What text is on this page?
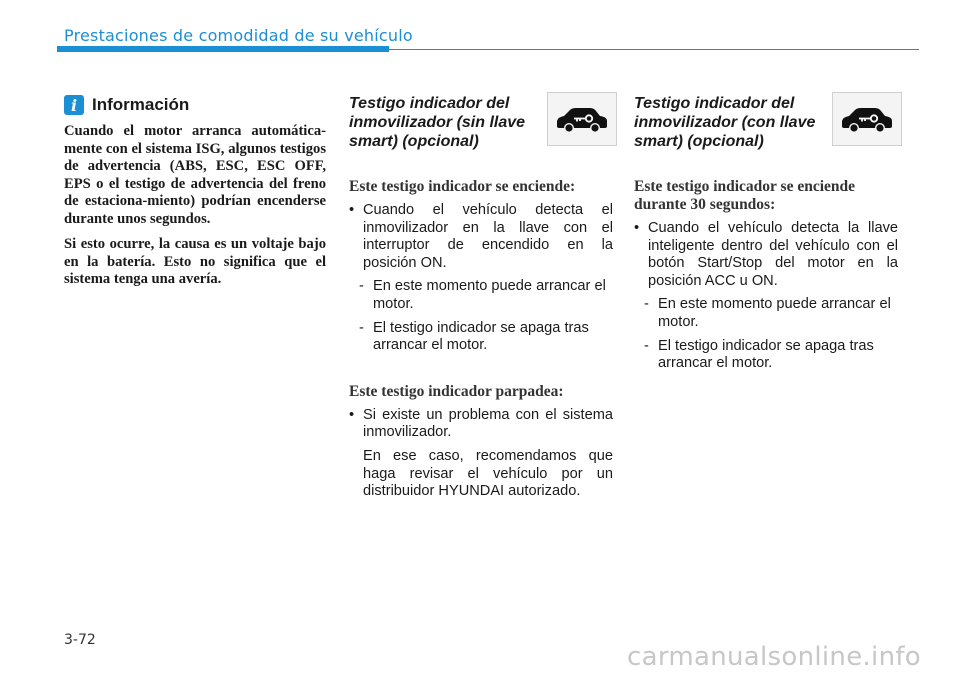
Prestaciones de comodidad de su vehículo
i Información

Cuando el motor arranca automática-mente con el sistema ISG, algunos testigos de advertencia (ABS, ESC, ESC OFF, EPS o el testigo de advertencia del freno de estaciona-miento) podrían encenderse durante unos segundos.

Si esto ocurre, la causa es un voltaje bajo en la batería. Esto no significa que el sistema tenga una avería.

Testigo indicador del inmovilizador (sin llave smart) (opcional)

Este testigo indicador se enciende:

• Cuando el vehículo detecta el inmovilizador en la llave con el interruptor de encendido en la posición ON.

- En este momento puede arrancar el motor.

- El testigo indicador se apaga tras arrancar el motor.

Este testigo indicador parpadea:

• Si existe un problema con el sistema inmovilizador.

En ese caso, recomendamos que haga revisar el vehículo por un distribuidor HYUNDAI autorizado.

Testigo indicador del inmovilizador (con llave smart) (opcional)

Este testigo indicador se enciende durante 30 segundos:

• Cuando el vehículo detecta la llave inteligente dentro del vehículo con el botón Start/Stop del motor en la posición ACC u ON.

- En este momento puede arrancar el motor.

- El testigo indicador se apaga tras arrancar el motor.

3-72
carmanualsonline.info
